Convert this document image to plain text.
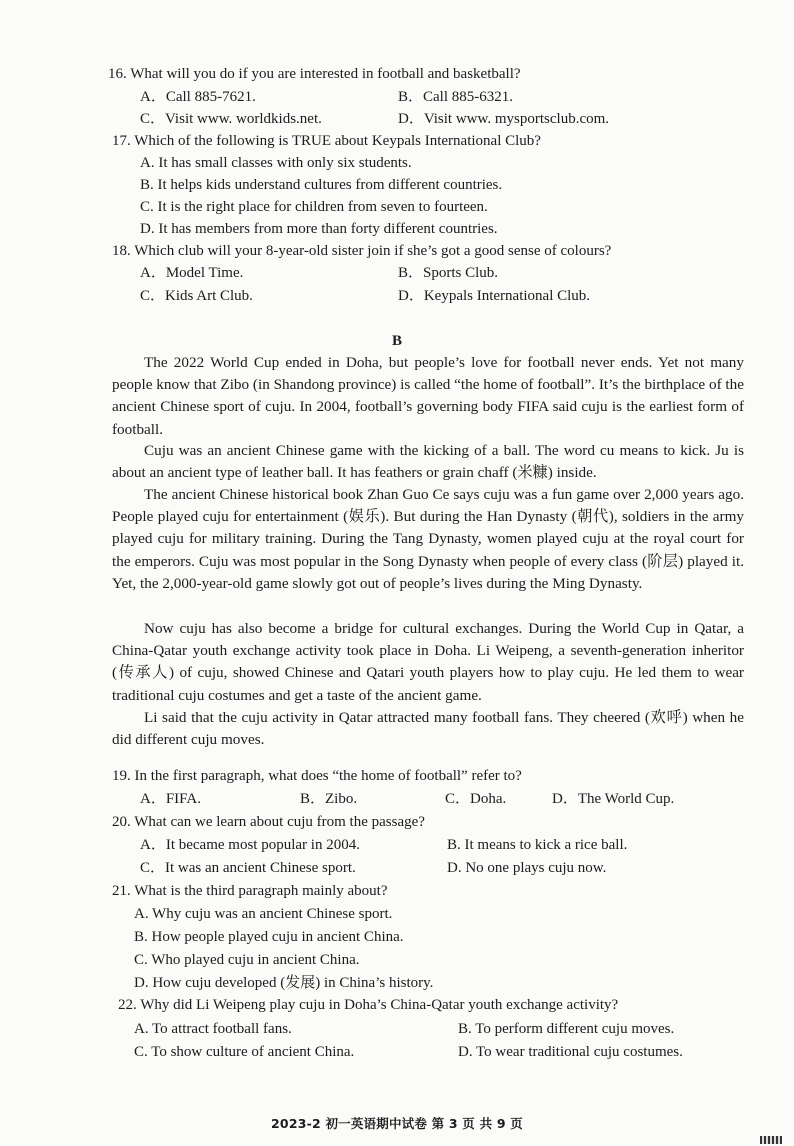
16. What will you do if you are interested in football and basketball?
A．Call 885-7621.	B．Call 885-6321.
C．Visit www. worldkids.net.	D．Visit www. mysportsclub.com.
17. Which of the following is TRUE about Keypals International Club?
A. It has small classes with only six students.
B. It helps kids understand cultures from different countries.
C. It is the right place for children from seven to fourteen.
D. It has members from more than forty different countries.
18. Which club will your 8-year-old sister join if she’s got a good sense of colours?
A．Model Time.	B．Sports Club.
C．Kids Art Club.	D．Keypals International Club.
B
The 2022 World Cup ended in Doha, but people’s love for football never ends. Yet not many people know that Zibo (in Shandong province) is called “the home of football”. It’s the birthplace of the ancient Chinese sport of cuju. In 2004, football’s governing body FIFA said cuju is the earliest form of football.
Cuju was an ancient Chinese game with the kicking of a ball. The word cu means to kick. Ju is about an ancient type of leather ball. It has feathers or grain chaff (米糠) inside.
The ancient Chinese historical book Zhan Guo Ce says cuju was a fun game over 2,000 years ago. People played cuju for entertainment (娱乐). But during the Han Dynasty (朝代), soldiers in the army played cuju for military training. During the Tang Dynasty, women played cuju at the royal court for the emperors. Cuju was most popular in the Song Dynasty when people of every class (阶层) played it. Yet, the 2,000-year-old game slowly got out of people’s lives during the Ming Dynasty.
Now cuju has also become a bridge for cultural exchanges. During the World Cup in Qatar, a China-Qatar youth exchange activity took place in Doha. Li Weipeng, a seventh-generation inheritor (传承人) of cuju, showed Chinese and Qatari youth players how to play cuju. He led them to wear traditional cuju costumes and get a taste of the ancient game.
Li said that the cuju activity in Qatar attracted many football fans. They cheered (欢呼) when he did different cuju moves.
19. In the first paragraph, what does “the home of football” refer to?
A．FIFA.	B．Zibo.	C．Doha.	D．The World Cup.
20. What can we learn about cuju from the passage?
A．It became most popular in 2004.	B. It means to kick a rice ball.
C．It was an ancient Chinese sport.	D. No one plays cuju now.
21. What is the third paragraph mainly about?
A. Why cuju was an ancient Chinese sport.
B. How people played cuju in ancient China.
C. Who played cuju in ancient China.
D. How cuju developed (发展) in China’s history.
22. Why did Li Weipeng play cuju in Doha’s China-Qatar youth exchange activity?
A. To attract football fans.	B. To perform different cuju moves.
C. To show culture of ancient China.	D. To wear traditional cuju costumes.
2023-2 初一英语期中试卷 第 3 页 共 9 页
